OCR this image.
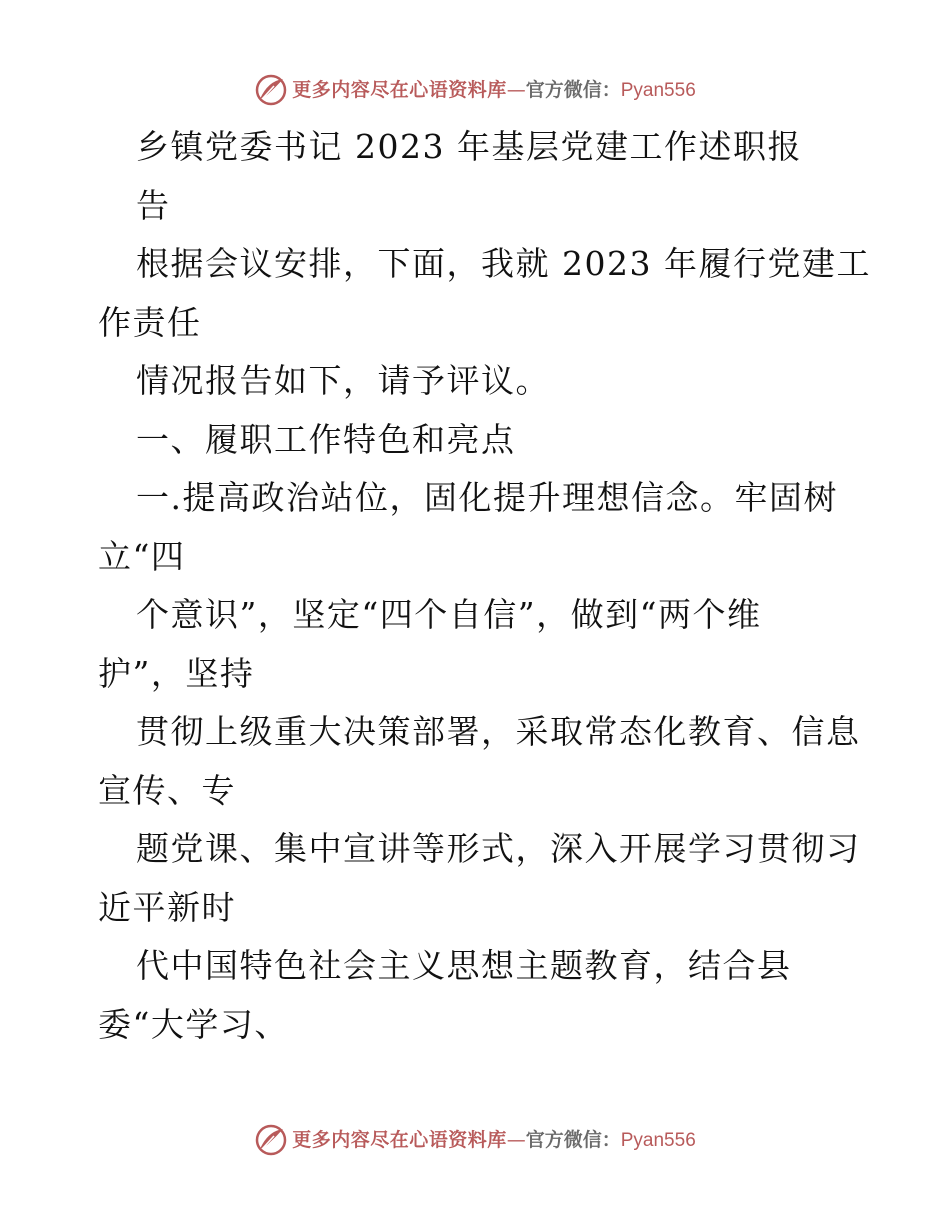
更多内容尽在心语资料库—官方微信：Pyan556
乡镇党委书记 2023 年基层党建工作述职报
告
根据会议安排，下面，我就 2023 年履行党建工
作责任
情况报告如下，请予评议。
一、履职工作特色和亮点
一.提高政治站位，固化提升理想信念。牢固树
立“四
个意识”，坚定“四个自信”，做到“两个维
护”，坚持
贯彻上级重大决策部署，采取常态化教育、信息
宣传、专
题党课、集中宣讲等形式，深入开展学习贯彻习
近平新时
代中国特色社会主义思想主题教育，结合县
委“大学习、
更多内容尽在心语资料库—官方微信：Pyan556
